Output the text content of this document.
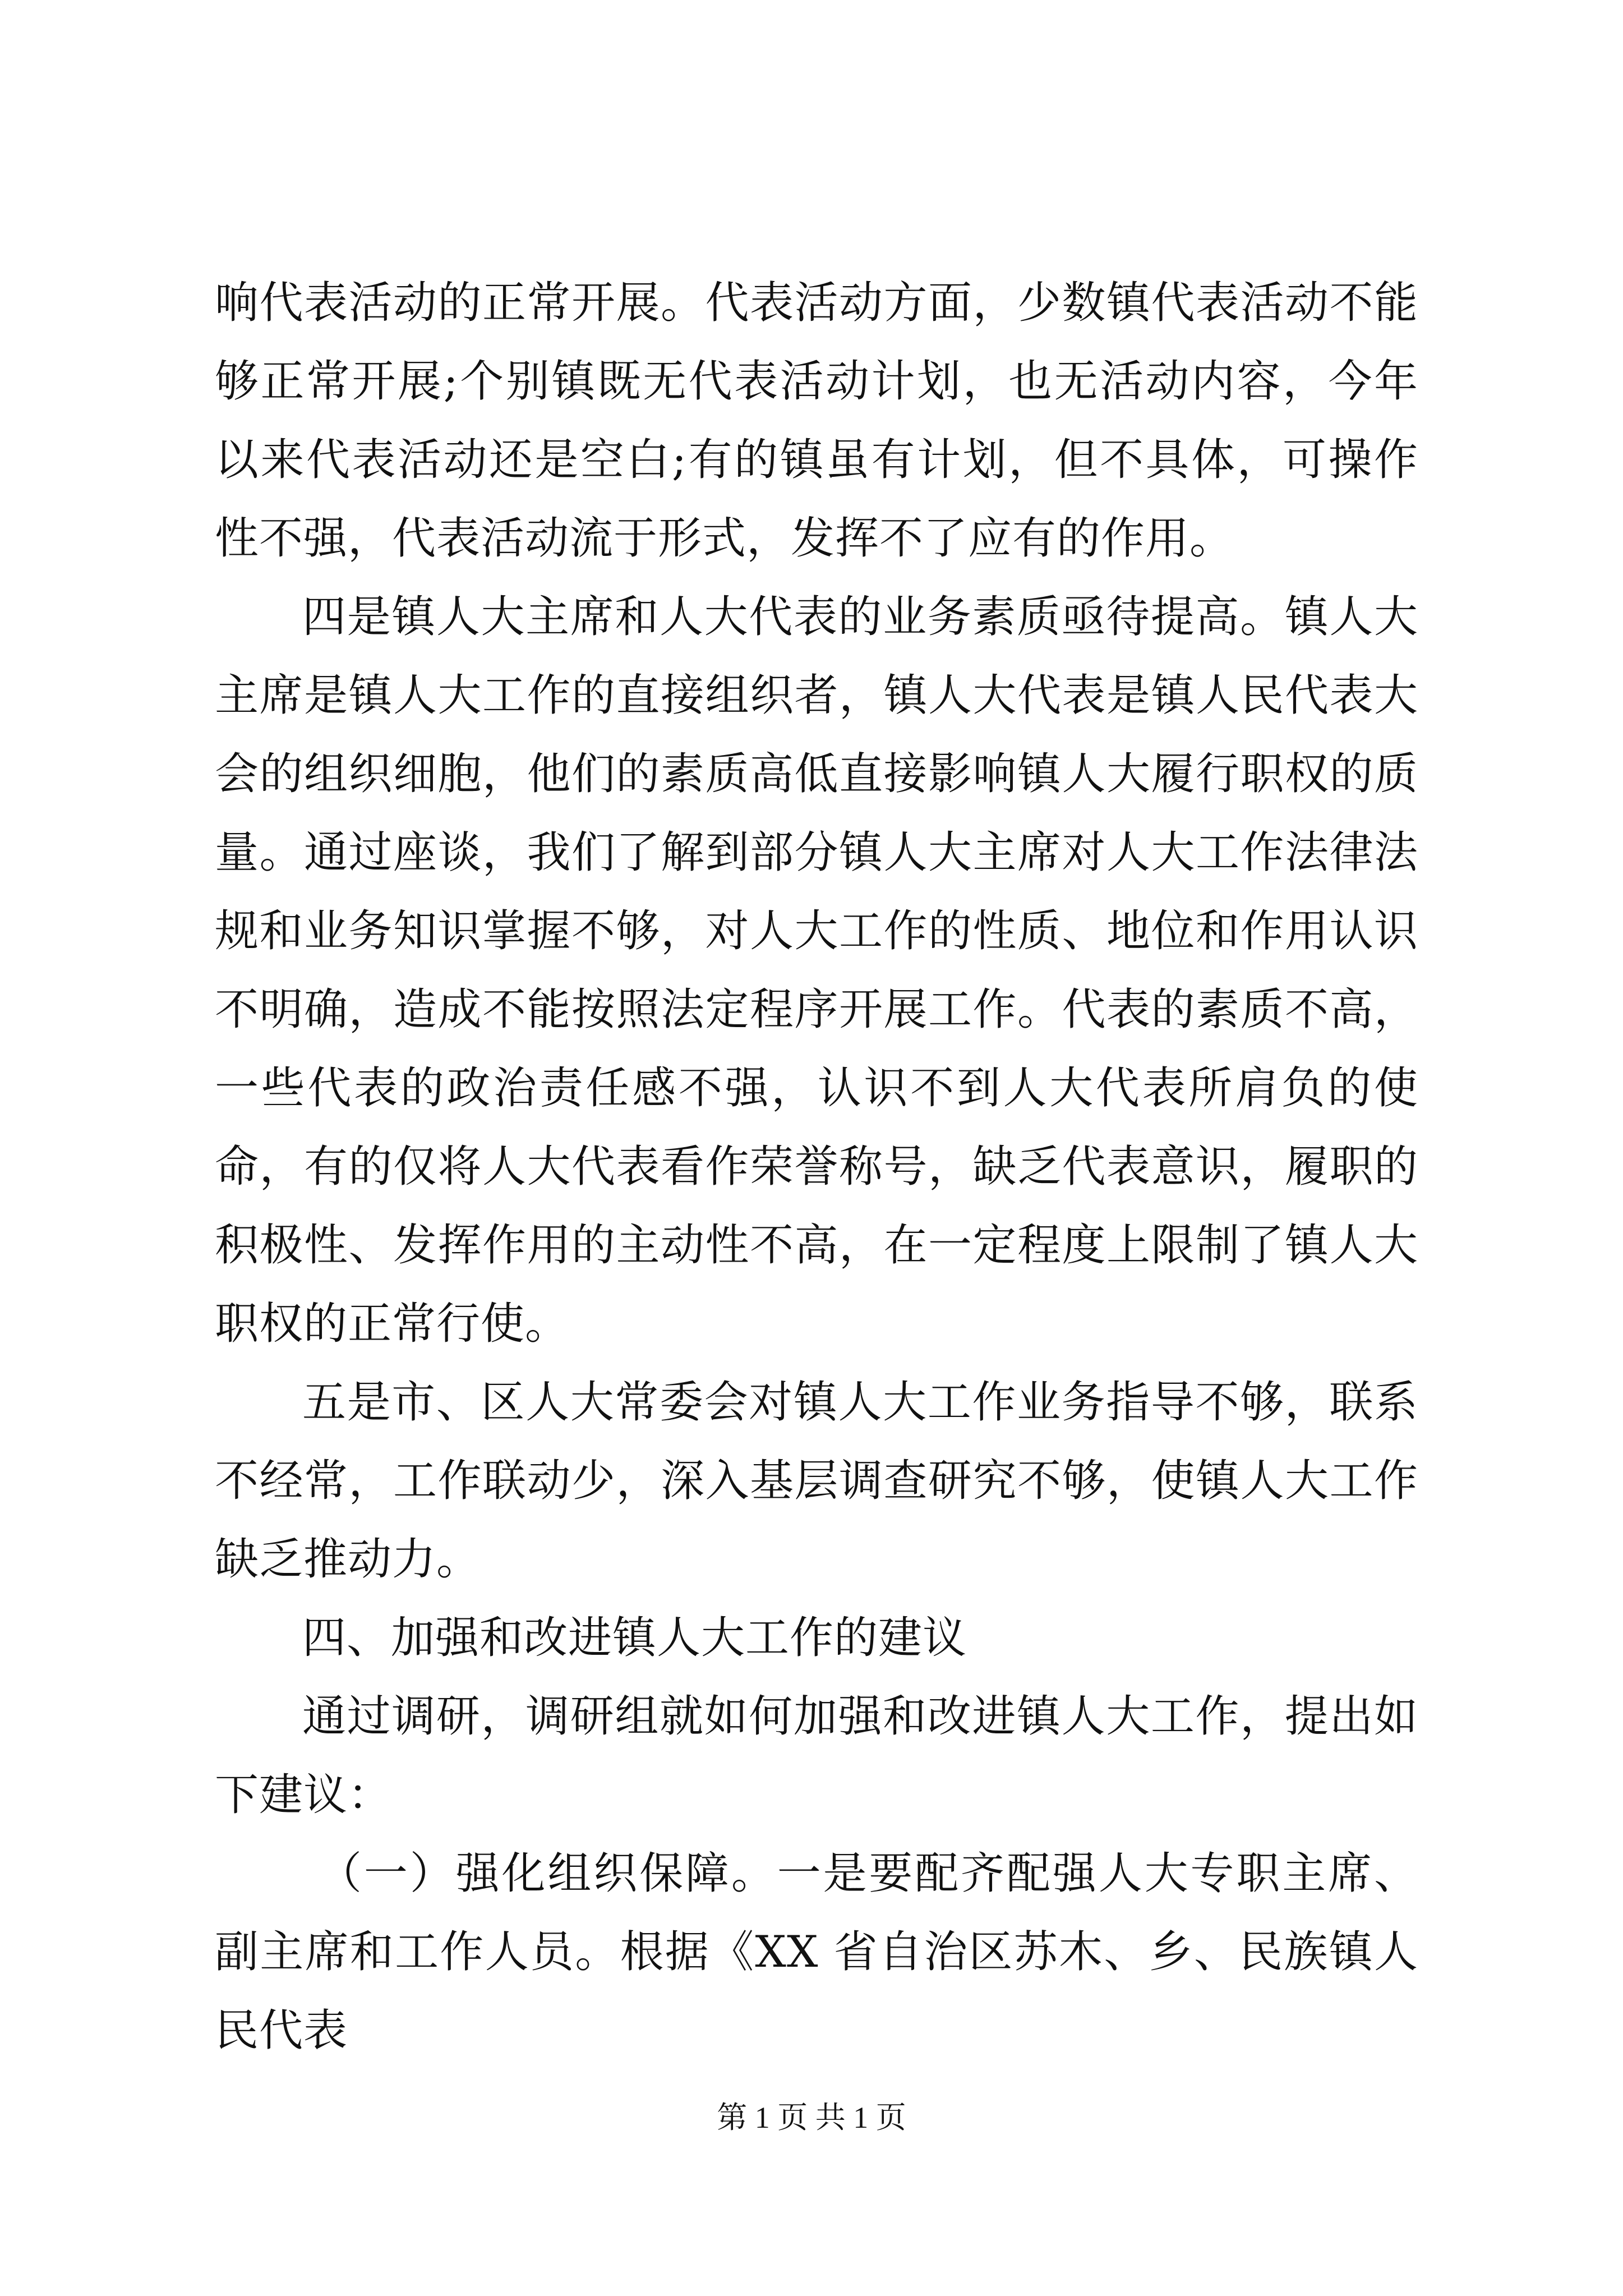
响代表活动的正常开展。代表活动方面，少数镇代表活动不能够正常开展;个别镇既无代表活动计划，也无活动内容，今年以来代表活动还是空白;有的镇虽有计划，但不具体，可操作性不强，代表活动流于形式，发挥不了应有的作用。

四是镇人大主席和人大代表的业务素质亟待提高。镇人大主席是镇人大工作的直接组织者，镇人大代表是镇人民代表大会的组织细胞，他们的素质高低直接影响镇人大履行职权的质量。通过座谈，我们了解到部分镇人大主席对人大工作法律法规和业务知识掌握不够，对人大工作的性质、地位和作用认识不明确，造成不能按照法定程序开展工作。代表的素质不高，一些代表的政治责任感不强，认识不到人大代表所肩负的使命，有的仅将人大代表看作荣誉称号，缺乏代表意识，履职的积极性、发挥作用的主动性不高，在一定程度上限制了镇人大职权的正常行使。

五是市、区人大常委会对镇人大工作业务指导不够，联系不经常，工作联动少，深入基层调查研究不够，使镇人大工作缺乏推动力。

四、加强和改进镇人大工作的建议

通过调研，调研组就如何加强和改进镇人大工作，提出如下建议：

（一）强化组织保障。一是要配齐配强人大专职主席、副主席和工作人员。根据《XX 省自治区苏木、乡、民族镇人民代表

第 1 页 共 1 页
